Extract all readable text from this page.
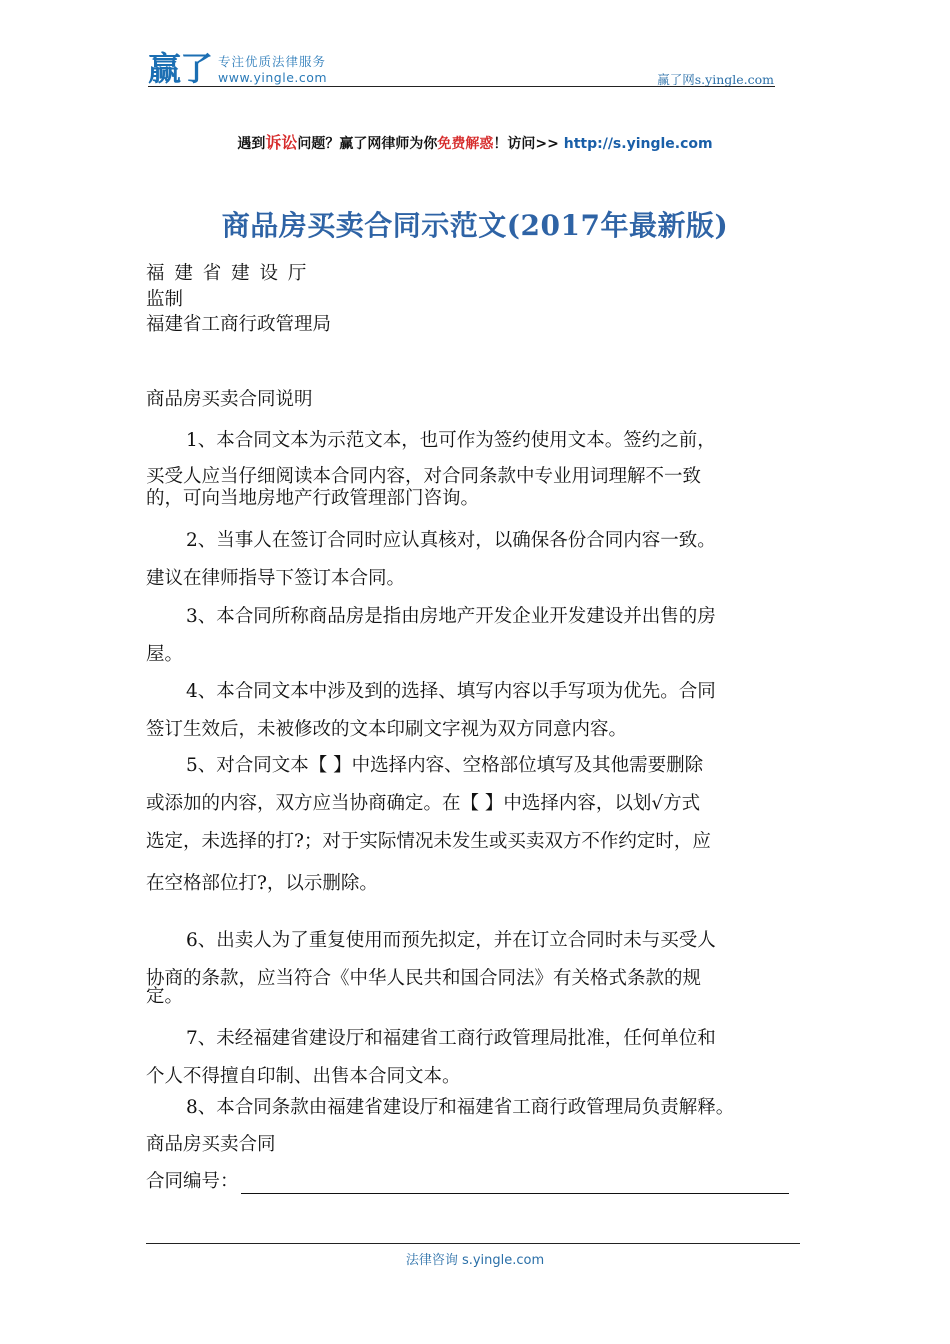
赢了 专注优质法律服务
www.yingle.com	赢了网s.yingle.com
遇到诉讼问题？赢了网律师为你免费解惑！访问>> http://s.yingle.com
商品房买卖合同示范文(2017年最新版)
福 建 省 建 设 厅
监制
福建省工商行政管理局
商品房买卖合同说明
1、本合同文本为示范文本，也可作为签约使用文本。签约之前，
买受人应当仔细阅读本合同内容，对合同条款中专业用词理解不一致
的，可向当地房地产行政管理部门咨询。
2、当事人在签订合同时应认真核对，以确保各份合同内容一致。
建议在律师指导下签订本合同。
3、本合同所称商品房是指由房地产开发企业开发建设并出售的房
屋。
4、本合同文本中涉及到的选择、填写内容以手写项为优先。合同
签订生效后，未被修改的文本印刷文字视为双方同意内容。
5、对合同文本【 】中选择内容、空格部位填写及其他需要删除
或添加的内容，双方应当协商确定。在【 】中选择内容，以划√方式
选定，未选择的打?；对于实际情况未发生或买卖双方不作约定时，应
在空格部位打?，以示删除。
6、出卖人为了重复使用而预先拟定，并在订立合同时未与买受人
协商的条款，应当符合《中华人民共和国合同法》有关格式条款的规
定。
7、未经福建省建设厅和福建省工商行政管理局批准，任何单位和
个人不得擅自印制、出售本合同文本。
8、本合同条款由福建省建设厅和福建省工商行政管理局负责解释。
商品房买卖合同
合同编号：
法律咨询 s.yingle.com
